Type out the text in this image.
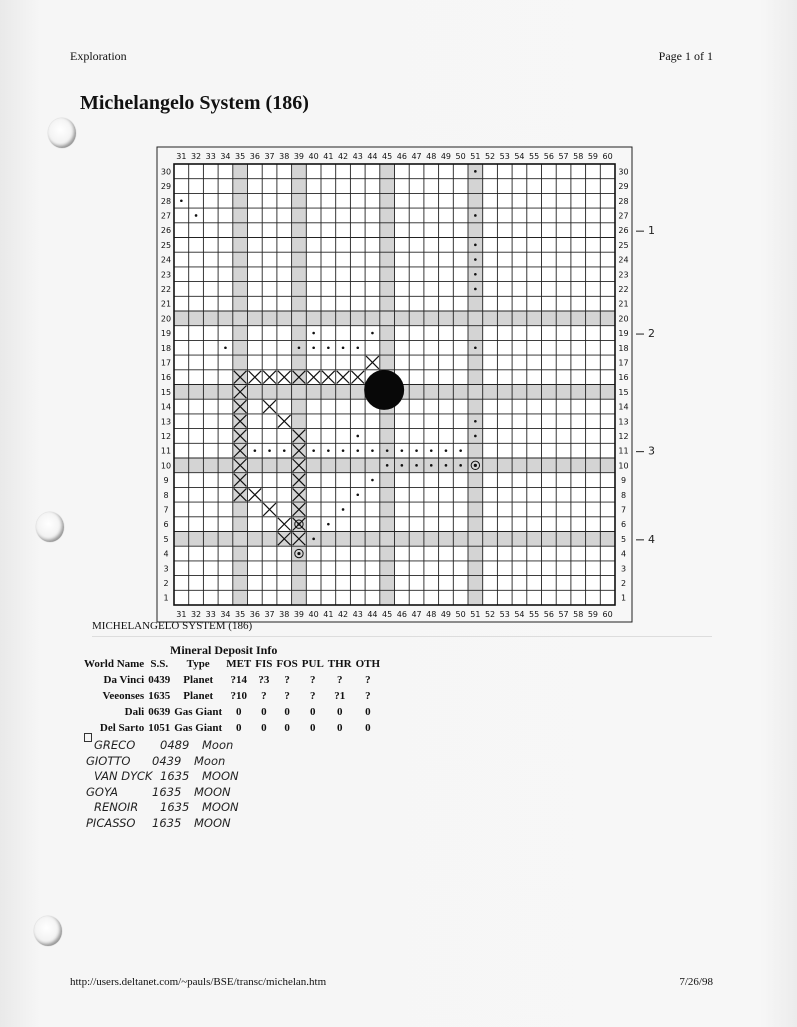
Exploration	Page 1 of 1
Michelangelo System (186)
31
31
32
32
33
33
34
34
35
35
36
36
37
37
38
38
39
39
40
40
41
41
42
42
43
43
44
44
45
45
46
46
47
47
48
48
49
49
50
50
51
51
52
52
53
53
54
54
55
55
56
56
57
57
58
58
59
59
60
60
30	30
29	29
28	28
27	27
26	26
25	25
24	24
23	23
22	22
21	21
20	20
19	19
18	18
17	17
16	16
15	15
14	14
13	13
12	12
11	11
10	10
9	9
8	8
7	7
6	6
5	5
4	4
3	3
2	2
1	1
1
2
3
4
MICHELANGELO SYSTEM (186)
Mineral Deposit Info
World Name	S.S.	Type	MET	FIS	FOS	PUL	THR	OTH
Da Vinci	0439	Planet	?14	?3	?	?	?	?
Veeonses	1635	Planet	?10	?	?	?	?1	?
Dali	0639	Gas Giant	0	0	0	0	0	0
Del Sarto	1051	Gas Giant	0	0	0	0	0	0
GRECO	0489	Moon
GIOTTO	0439	Moon
VAN DYCK 1635	MOON
GOYA	1635	MOON
RENOIR	1635	MOON
PICASSO	1635	MOON
http://users.deltanet.com/~pauls/BSE/transc/michelan.htm	7/26/98
